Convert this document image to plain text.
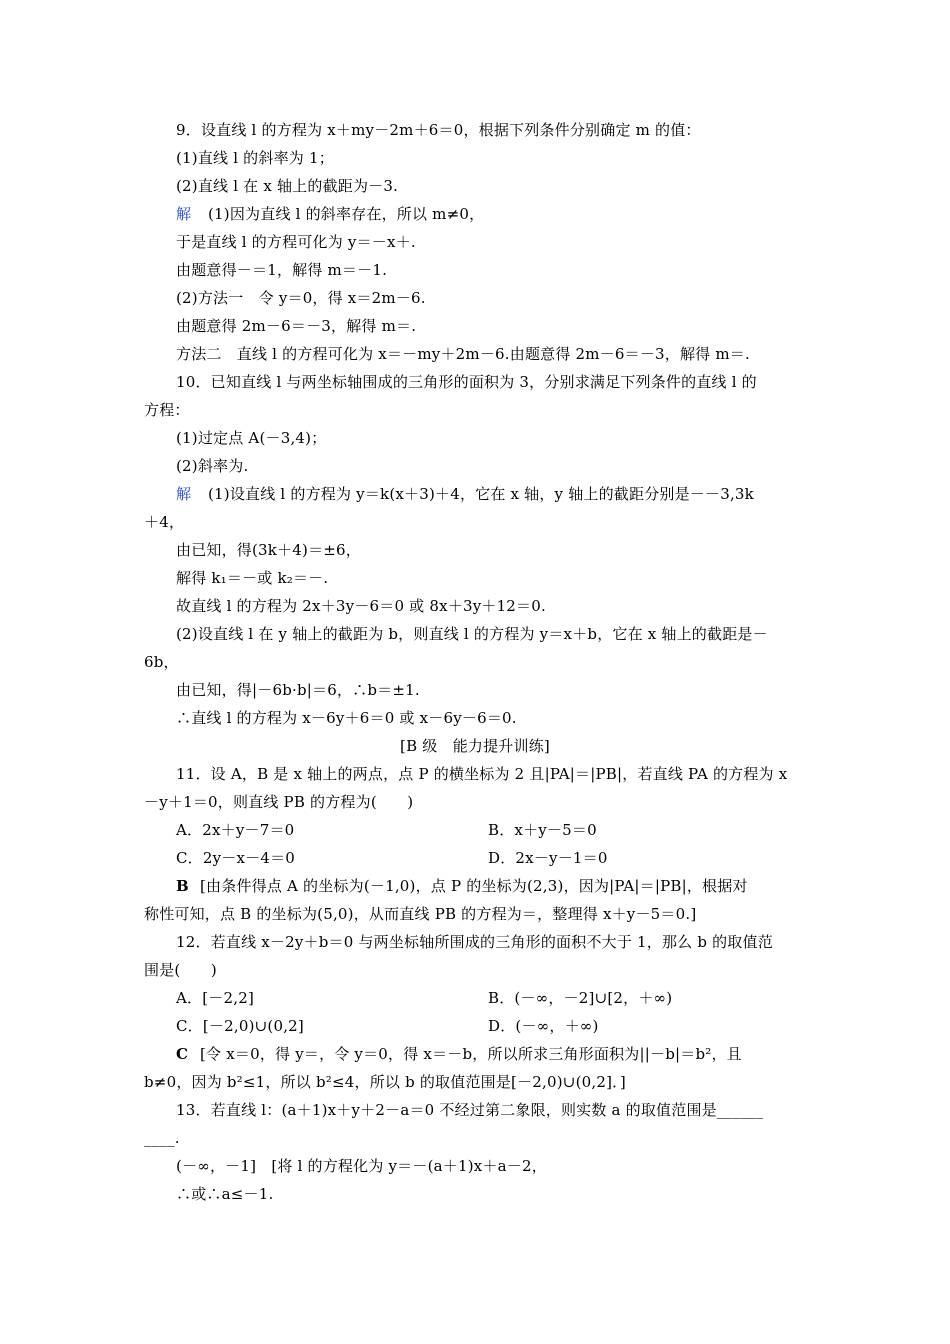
9．设直线 l 的方程为 x＋my－2m＋6＝0，根据下列条件分别确定 m 的值：
(1)直线 l 的斜率为 1；
(2)直线 l 在 x 轴上的截距为－3.
解 (1)因为直线 l 的斜率存在，所以 m≠0，
于是直线 l 的方程可化为 y＝－x＋.
由题意得－＝1，解得 m＝－1.
(2)方法一　令 y＝0，得 x＝2m－6.
由题意得 2m－6＝－3，解得 m＝.
方法二　直线 l 的方程可化为 x＝－my＋2m－6.由题意得 2m－6＝－3，解得 m＝.
10．已知直线 l 与两坐标轴围成的三角形的面积为 3，分别求满足下列条件的直线 l 的
方程：
(1)过定点 A(－3,4)；
(2)斜率为.
解 (1)设直线 l 的方程为 y＝k(x＋3)＋4，它在 x 轴，y 轴上的截距分别是－－3,3k
＋4，
由已知，得(3k＋4)＝±6，
解得 k₁＝－或 k₂＝－.
故直线 l 的方程为 2x＋3y－6＝0 或 8x＋3y＋12＝0.
(2)设直线 l 在 y 轴上的截距为 b，则直线 l 的方程为 y＝x＋b，它在 x 轴上的截距是－
6b，
由已知，得|－6b·b|＝6，∴b＝±1.
∴直线 l 的方程为 x－6y＋6＝0 或 x－6y－6＝0.
[B 级　能力提升训练]
11．设 A，B 是 x 轴上的两点，点 P 的横坐标为 2 且|PA|＝|PB|，若直线 PA 的方程为 x
－y＋1＝0，则直线 PB 的方程为(　　)
A．2x＋y－7＝0	B．x＋y－5＝0
C．2y－x－4＝0	D．2x－y－1＝0
B [由条件得点 A 的坐标为(－1,0)，点 P 的坐标为(2,3)，因为|PA|＝|PB|，根据对
称性可知，点 B 的坐标为(5,0)，从而直线 PB 的方程为＝，整理得 x＋y－5＝0.]
12．若直线 x－2y＋b＝0 与两坐标轴所围成的三角形的面积不大于 1，那么 b 的取值范
围是(　　)
A．[－2,2]	B．(－∞，－2]∪[2，＋∞)
C．[－2,0)∪(0,2]	D．(－∞，＋∞)
C [令 x＝0，得 y＝，令 y＝0，得 x＝－b，所以所求三角形面积为||－b|＝b²，且
b≠0，因为 b²≤1，所以 b²≤4，所以 b 的取值范围是[－2,0)∪(0,2]．]
13．若直线 l：(a＋1)x＋y＋2－a＝0 不经过第二象限，则实数 a 的取值范围是______
____.
(－∞，－1]　[将 l 的方程化为 y＝－(a＋1)x＋a－2，
∴或∴a≤－1.
